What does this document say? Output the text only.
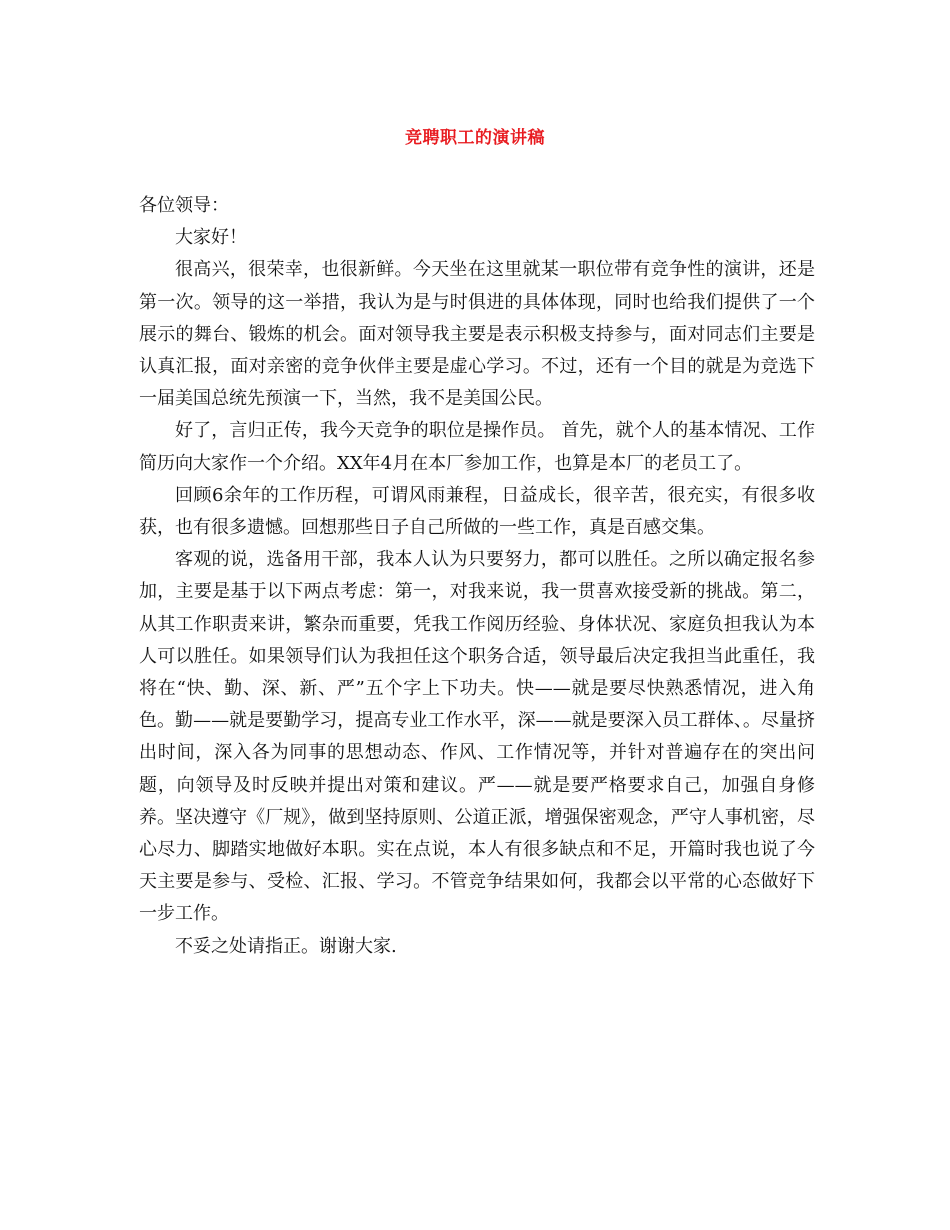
竞聘职工的演讲稿

各位领导：

大家好！

很高兴，很荣幸，也很新鲜。今天坐在这里就某一职位带有竞争性的演讲，还是第一次。领导的这一举措，我认为是与时俱进的具体体现，同时也给我们提供了一个展示的舞台、锻炼的机会。面对领导我主要是表示积极支持参与，面对同志们主要是认真汇报，面对亲密的竞争伙伴主要是虚心学习。不过，还有一个目的就是为竞选下一届美国总统先预演一下，当然，我不是美国公民。

好了，言归正传，我今天竞争的职位是操作员。 首先，就个人的基本情况、工作简历向大家作一个介绍。XX年4月在本厂参加工作，也算是本厂的老员工了。

回顾6余年的工作历程，可谓风雨兼程，日益成长，很辛苦，很充实，有很多收获，也有很多遗憾。回想那些日子自己所做的一些工作，真是百感交集。

客观的说，选备用干部，我本人认为只要努力，都可以胜任。之所以确定报名参加，主要是基于以下两点考虑：第一，对我来说，我一贯喜欢接受新的挑战。第二，从其工作职责来讲，繁杂而重要，凭我工作阅历经验、身体状况、家庭负担我认为本人可以胜任。如果领导们认为我担任这个职务合适，领导最后决定我担当此重任，我将在“快、勤、深、新、严”五个字上下功夫。快——就是要尽快熟悉情况，进入角色。勤——就是要勤学习，提高专业工作水平，深——就是要深入员工群体、。尽量挤出时间，深入各为同事的思想动态、作风、工作情况等，并针对普遍存在的突出问题，向领导及时反映并提出对策和建议。严——就是要严格要求自己，加强自身修养。坚决遵守《厂规》，做到坚持原则、公道正派，增强保密观念，严守人事机密，尽心尽力、脚踏实地做好本职。实在点说，本人有很多缺点和不足，开篇时我也说了今天主要是参与、受检、汇报、学习。不管竞争结果如何，我都会以平常的心态做好下一步工作。

不妥之处请指正。谢谢大家.
